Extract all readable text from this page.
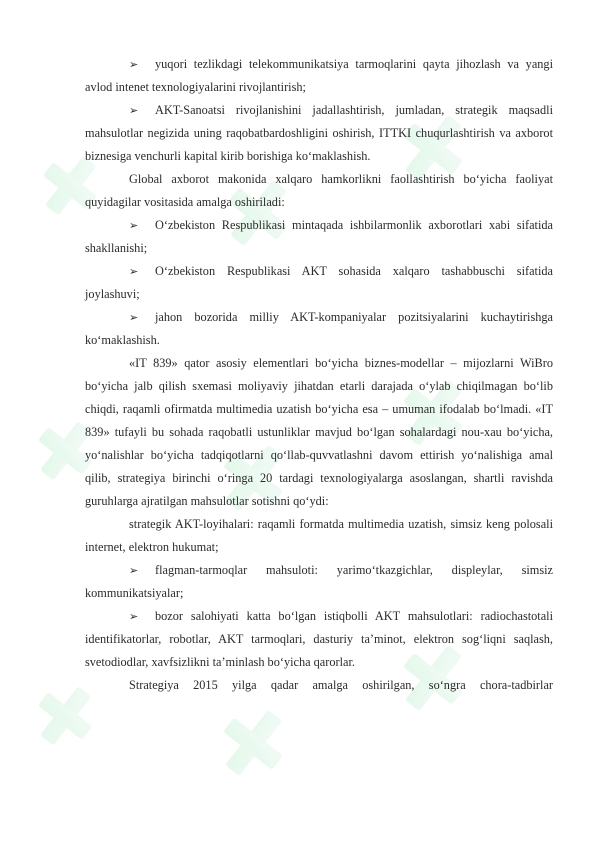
➢ yuqori tezlikdagi telekommunikatsiya tarmoqlarini qayta jihozlash va yangi avlod intenet texnologiyalarini rivojlantirish;

➢ AKT-Sanoatsi rivojlanishini jadallashtirish, jumladan, strategik maqsadli mahsulotlar negizida uning raqobatbardoshligini oshirish, ITTKI chuqurlashtirish va axborot biznesiga venchurli kapital kirib borishiga ko‘maklashish.

Global axborot makonida xalqaro hamkorlikni faollashtirish bo‘yicha faoliyat quyidagilar vositasida amalga oshiriladi:

➢ O‘zbekiston Respublikasi mintaqada ishbilarmonlik axborotlari xabi sifatida shakllanishi;

➢ O‘zbekiston Respublikasi AKT sohasida xalqaro tashabbuschi sifatida joylashuvi;

➢ jahon bozorida milliy AKT-kompaniyalar pozitsiyalarini kuchaytirishga ko‘maklashish.

«IT 839» qator asosiy elementlari bo‘yicha biznes-modellar – mijozlarni WiBro bo‘yicha jalb qilish sxemasi moliyaviy jihatdan etarli darajada o‘ylab chiqilmagan bo‘lib chiqdi, raqamli ofirmatda multimedia uzatish bo‘yicha esa – umuman ifodalab bo‘lmadi. «IT 839» tufayli bu sohada raqobatli ustunliklar mavjud bo‘lgan sohalardagi nou-xau bo‘yicha, yo‘nalishlar bo‘yicha tadqiqotlarni qo‘llab-quvvatlashni davom ettirish yo‘nalishiga amal qilib, strategiya birinchi o‘ringa 20 tardagi texnologiyalarga asoslangan, shartli ravishda guruhlarga ajratilgan mahsulotlar sotishni qo‘ydi:

strategik AKT-loyihalari: raqamli formatda multimedia uzatish, simsiz keng polosali internet, elektron hukumat;

➢ flagman-tarmoqlar mahsuloti: yarimo‘tkazgichlar, displeylar, simsiz kommunikatsiyalar;

➢ bozor salohiyati katta bo‘lgan istiqbolli AKT mahsulotlari: radiochastotali identifikatorlar, robotlar, AKT tarmoqlari, dasturiy ta’minot, elektron sog‘liqni saqlash, svetodiodlar, xavfsizlikni ta’minlash bo‘yicha qarorlar.

Strategiya 2015 yilga qadar amalga oshirilgan, so‘ngra chora-tadbirlar
